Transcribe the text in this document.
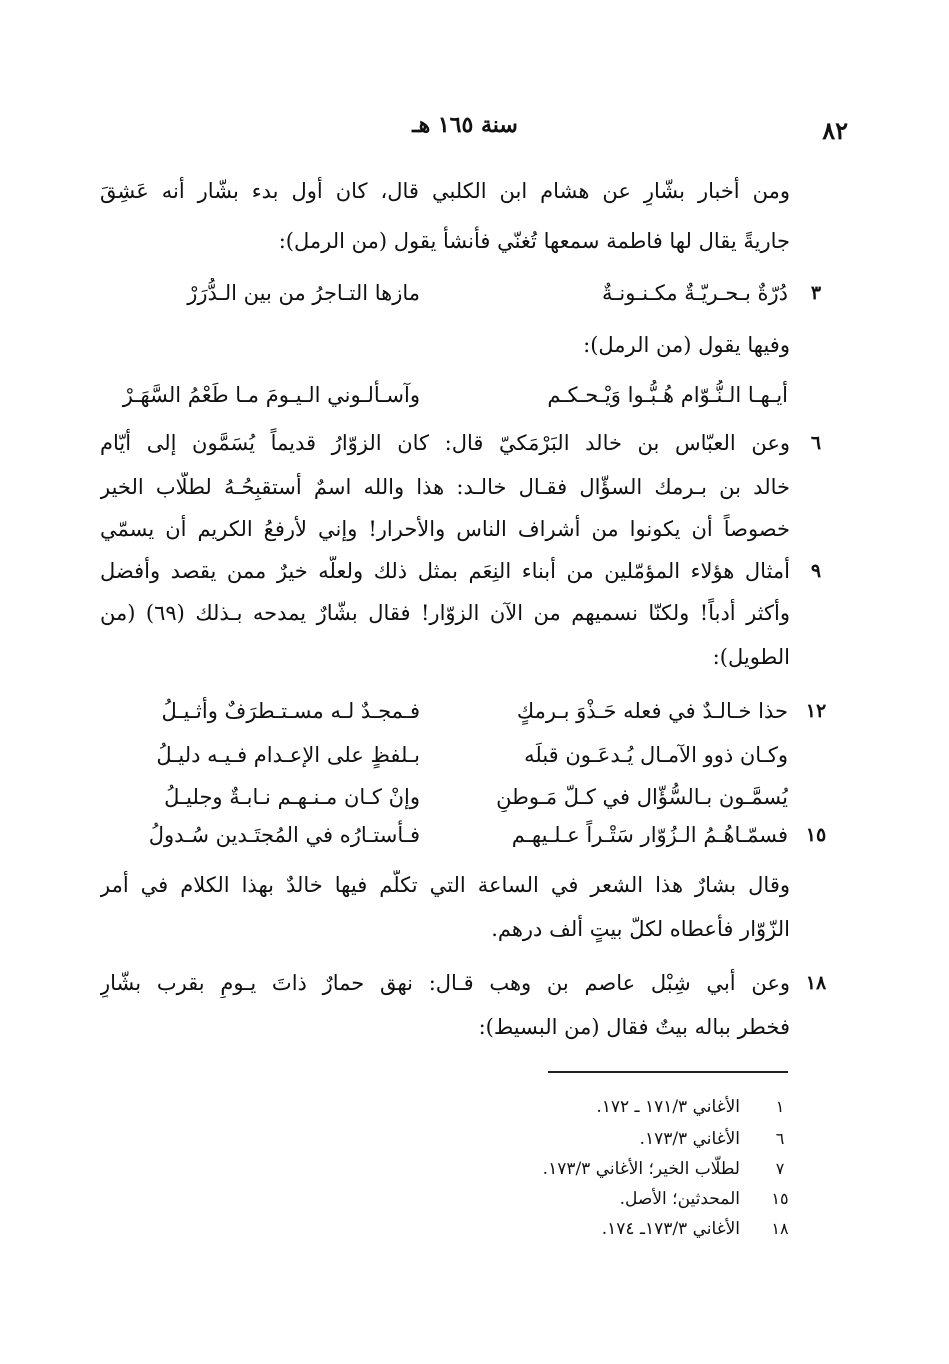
٨٢
سنة ١٦٥ هـ
ومن أخبار بشّارٍ عن هشام ابن الكلبي قال، كان أول بدء بشّار أنه عَشِقَ
جاريةً يقال لها فاطمة سمعها تُغنّي فأنشأ يقول (من الرمل):
٣
دُرّةٌ بـحـريّـةٌ مكـنـونـةٌ
مازها التـاجرُ من بين الـدُّرَرْ
وفيها يقول (من الرمل):
أيـهـا الـنُّـوّام هُـبُّـوا وَيْـحـكـم
وآسـألـوني الـيـومَ مـا طَعْمُ السَّهَـرْ
٦
وعن العبّاس بن خالد البَرْمَكيّ قال: كان الزوّارُ قديماً يُسَمَّون إلى أيّام
خالد بن بـرمك السؤّال فقـال خالـد: هذا والله اسمٌ أستقبِحُـهُ لطلّاب الخير
خصوصاً أن يكونوا من أشراف الناس والأحرار! وإني لأرفعُ الكريم أن يسمّي
٩
أمثال هؤلاء المؤمّلين من أبناء النِعَم بمثل ذلك ولعلّه خيرٌ ممن يقصد وأفضل
وأكثر أدباً! ولكنّا نسميهم من الآن الزوّار! فقال بشّارٌ يمدحه بـذلك (٦٩) (من
الطويل):
١٢
حذا خـالـدٌ في فعله حَـذْوَ بـرمكٍ
فـمجـدٌ لـه مسـتـطرَفٌ وأثـيـلُ
وكـان ذوو الآمـال يُـدعَـون قبلَه
بـلفظٍ على الإعـدام فـيـه دليـلُ
يُسمَّـون بـالسُّؤّال في كـلّ مَـوطنٍ
وإنْ كـان مـنـهـم نـابـةٌ وجليـلُ
١٥
فسمّـاهُـمُ الـزُوّار سَتْـراً عـلـيهـم
فـأستـارُه في المُجتَـدين سُـدولُ
وقال بشارٌ هذا الشعر في الساعة التي تكلّم فيها خالدٌ بهذا الكلام في أمر
الزّوّار فأعطاه لكلّ بيتٍ ألف درهم.
١٨
وعن أبي شِبْل عاصم بن وهب قـال: نهق حمارٌ ذاتَ يـومٍ بقرب بشّارٍ
فخطر بباله بيتٌ فقال (من البسيط):
١
الأغاني ١٧١/٣ ـ ١٧٢.
٦
الأغاني ١٧٣/٣.
٧
لطلّاب الخير؛ الأغاني ١٧٣/٣.
١٥
المحدثين؛ الأصل.
١٨
الأغاني ١٧٣/٣ـ ١٧٤.
